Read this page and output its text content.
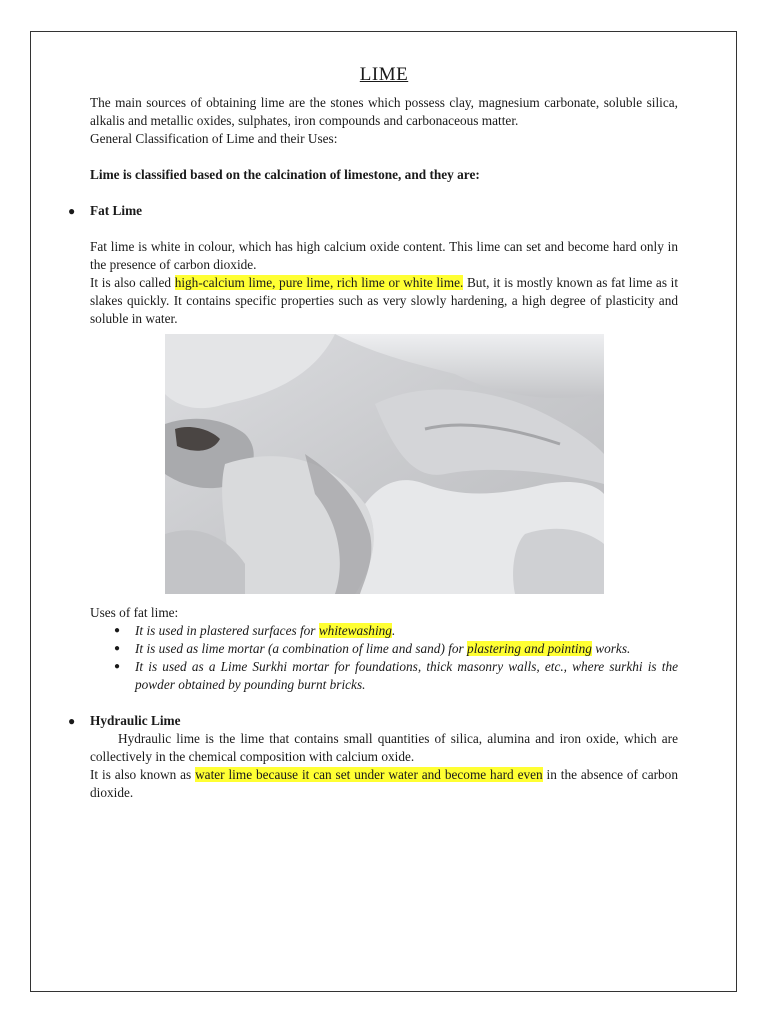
LIME

The main sources of obtaining lime are the stones which possess clay, magnesium carbonate, soluble silica, alkalis and metallic oxides, sulphates, iron compounds and carbonaceous matter.
General Classification of Lime and their Uses:

Lime is classified based on the calcination of limestone, and they are:

● Fat Lime

Fat lime is white in colour, which has high calcium oxide content. This lime can set and become hard only in the presence of carbon dioxide.

It is also called high-calcium lime, pure lime, rich lime or white lime. But, it is mostly known as fat lime as it slakes quickly. It contains specific properties such as very slowly hardening, a high degree of plasticity and soluble in water.

Uses of fat lime:

● It is used in plastered surfaces for whitewashing.
● It is used as lime mortar (a combination of lime and sand) for plastering and pointing works.
● It is used as a Lime Surkhi mortar for foundations, thick masonry walls, etc., where surkhi is the powder obtained by pounding burnt bricks.
● Hydraulic Lime

Hydraulic lime is the lime that contains small quantities of silica, alumina and iron oxide, which are collectively in the chemical composition with calcium oxide.

It is also known as water lime because it can set under water and become hard even in the absence of carbon dioxide.
